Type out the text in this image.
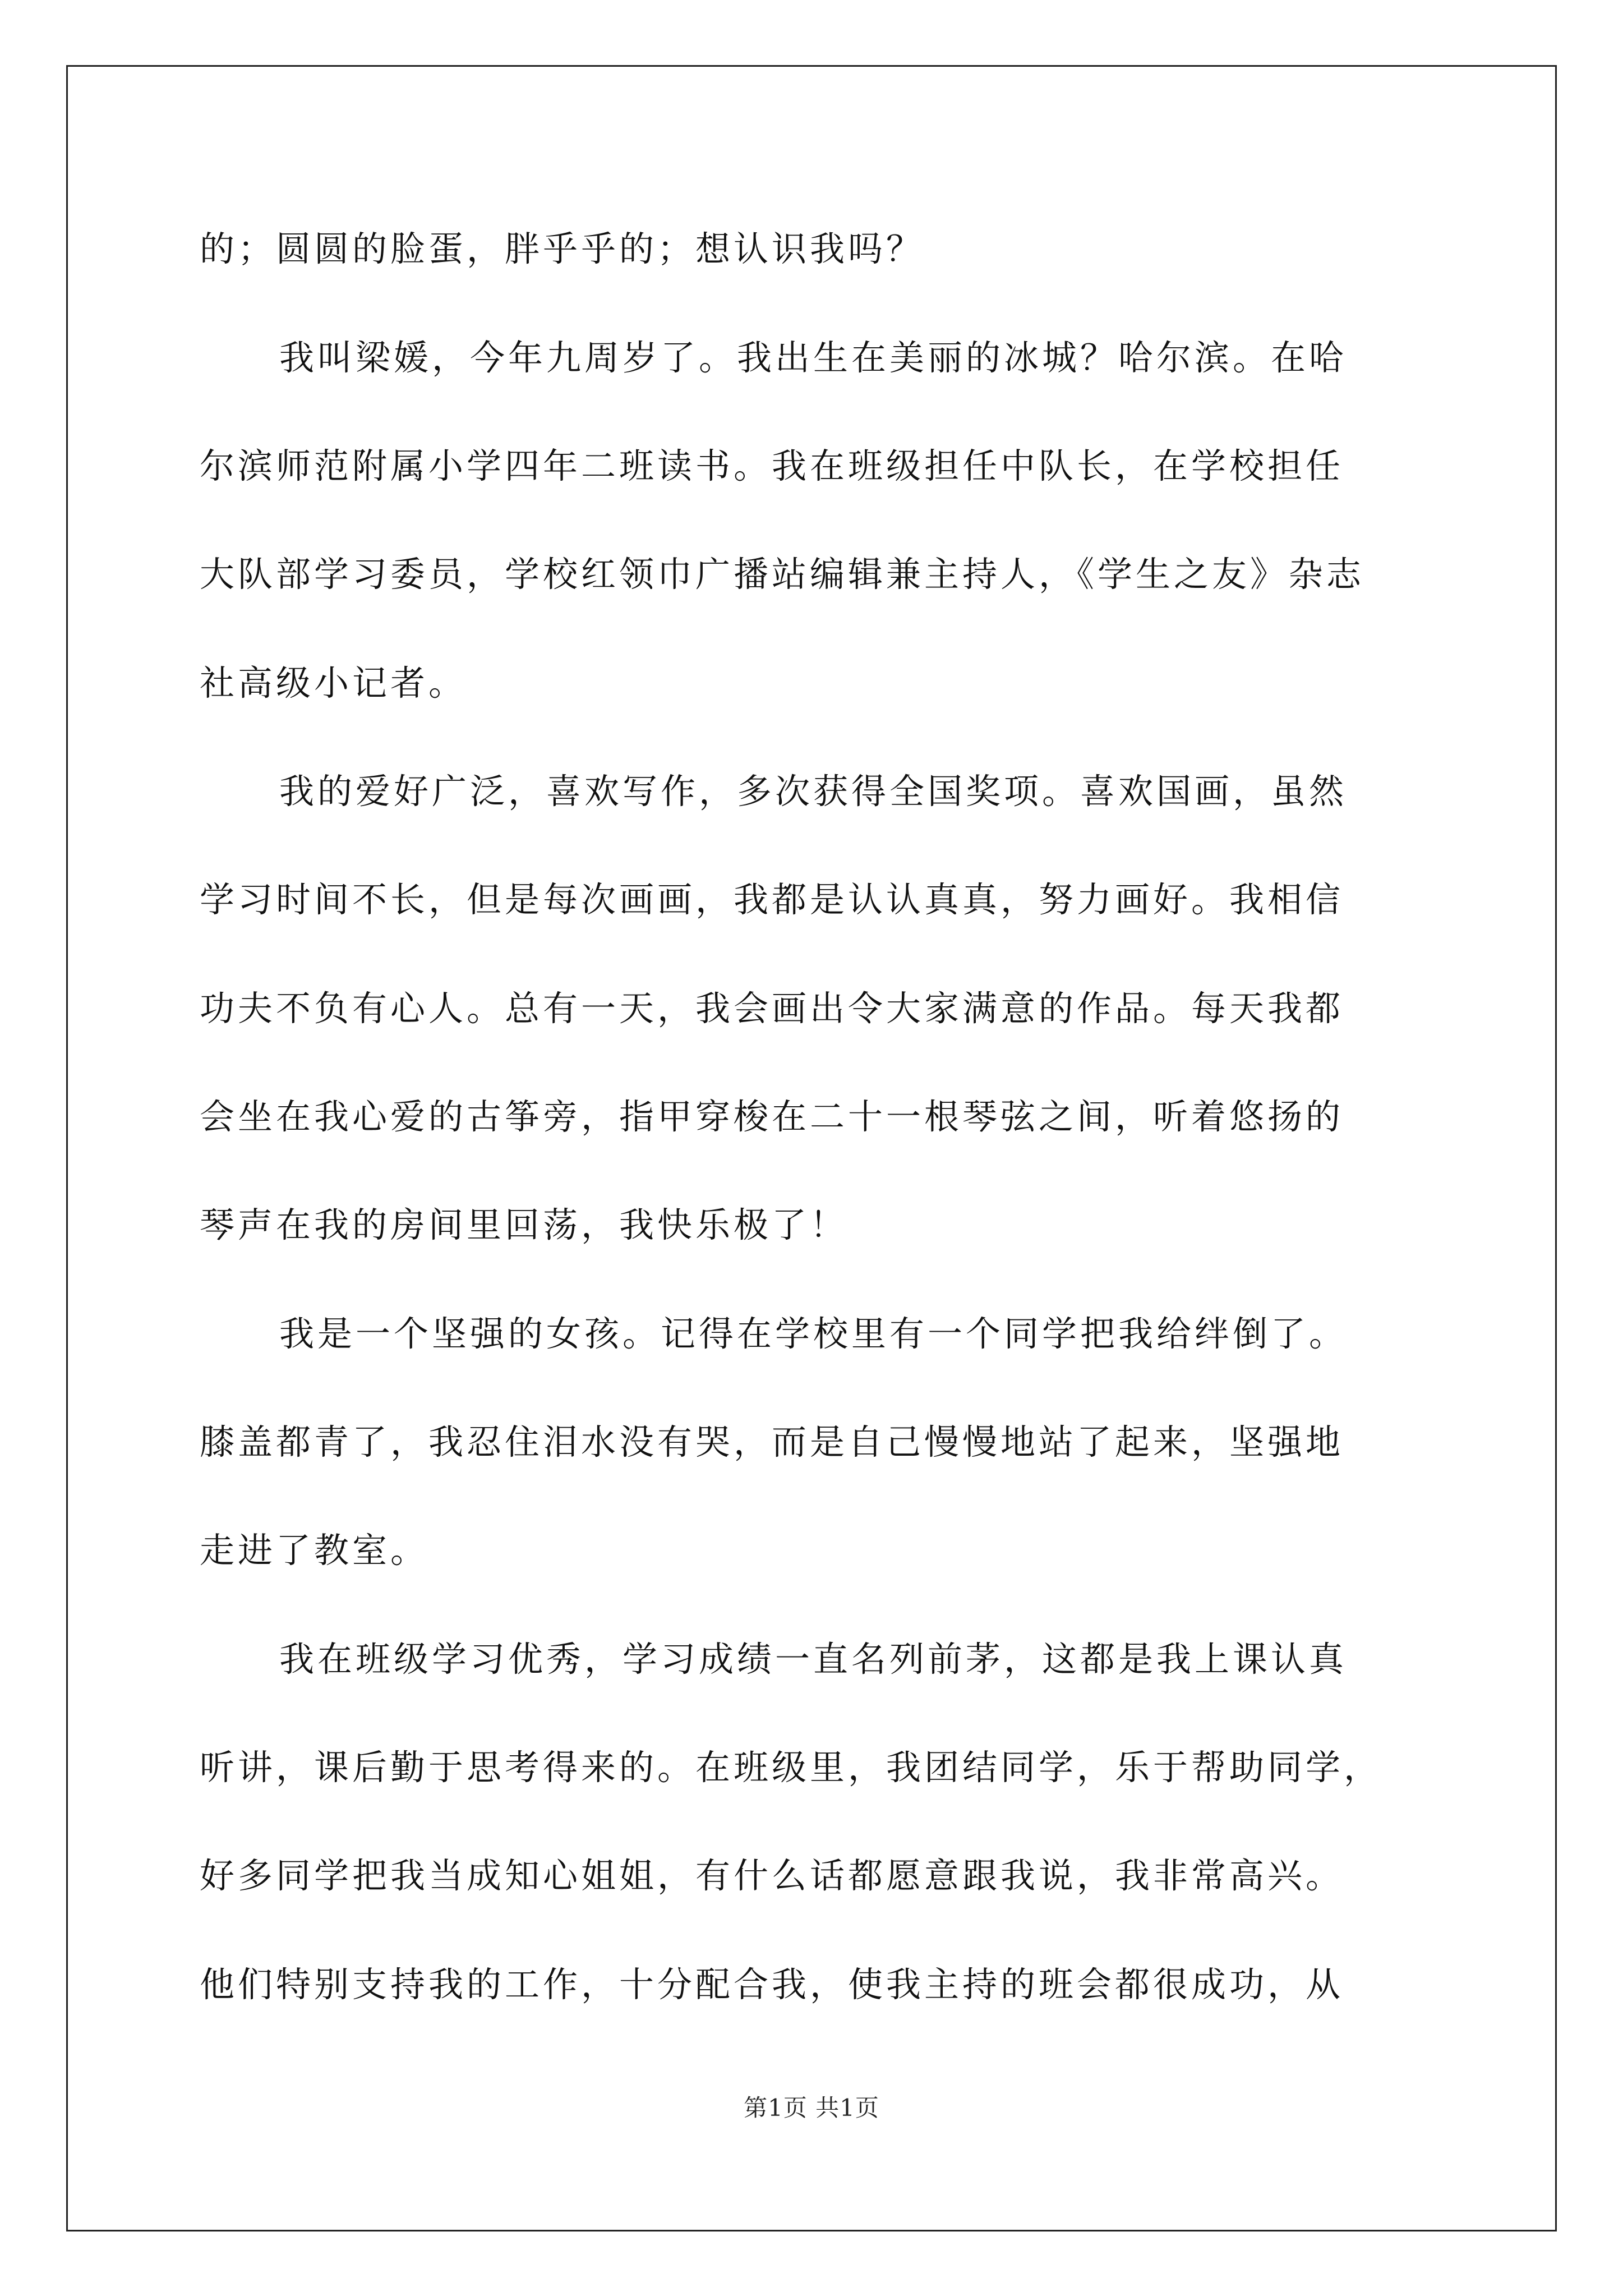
的；圆圆的脸蛋，胖乎乎的；想认识我吗？

我叫梁媛，今年九周岁了。我出生在美丽的冰城？哈尔滨。在哈

尔滨师范附属小学四年二班读书。我在班级担任中队长，在学校担任

大队部学习委员，学校红领巾广播站编辑兼主持人，《学生之友》杂志

社高级小记者。

我的爱好广泛，喜欢写作，多次获得全国奖项。喜欢国画，虽然

学习时间不长，但是每次画画，我都是认认真真，努力画好。我相信

功夫不负有心人。总有一天，我会画出令大家满意的作品。每天我都

会坐在我心爱的古筝旁，指甲穿梭在二十一根琴弦之间，听着悠扬的

琴声在我的房间里回荡，我快乐极了！

我是一个坚强的女孩。记得在学校里有一个同学把我给绊倒了。

膝盖都青了，我忍住泪水没有哭，而是自己慢慢地站了起来，坚强地

走进了教室。

我在班级学习优秀，学习成绩一直名列前茅，这都是我上课认真

听讲，课后勤于思考得来的。在班级里，我团结同学，乐于帮助同学，

好多同学把我当成知心姐姐，有什么话都愿意跟我说，我非常高兴。

他们特别支持我的工作，十分配合我，使我主持的班会都很成功，从

第1页 共1页
